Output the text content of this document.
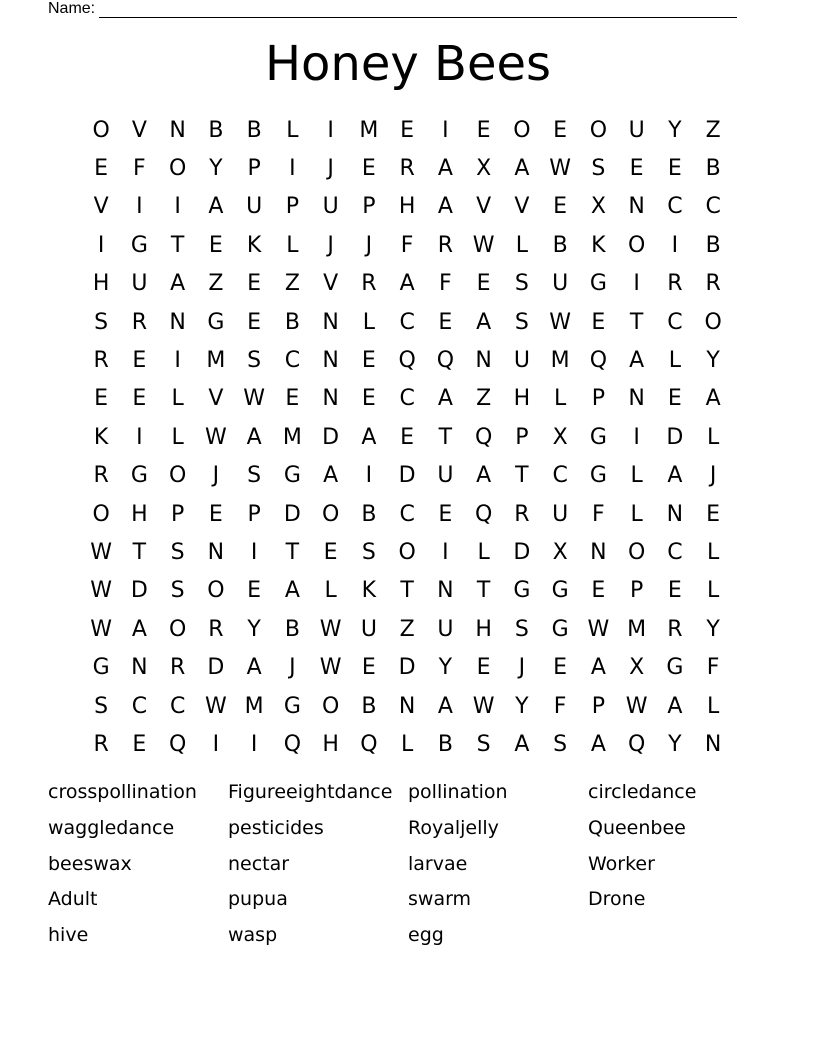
Name:
Honey Bees
O	V	N	B	B	L	I	M E	I	E	O	E	O U	Y	Z
E	F	O	Y	P	I	J	E	R	A	X	A W S	E	E	B
V	I	I	A	U	P	U	P	H	A	V	V	E	X	N	C	C
I	G	T	E	K	L	J	J	F	R W L	B	K	O	I	B
H U	A	Z	E	Z	V	R	A	F	E	S	U G	I	R	R
S	R	N G	E	B	N	L	C	E	A	S W E	T	C O
R	E	I	M S	C	N	E	Q Q N U M Q	A	L	Y
E	E	L	V W E	N	E	C	A	Z	H	L	P	N	E	A
K	I	L W A M D	A	E	T	Q	P	X	G	I	D	L
R	G O	J	S	G	A	I	D U	A	T	C	G	L	A	J
O H	P	E	P	D O	B	C	E	Q R	U	F	L	N	E
W T	S	N	I	T	E	S	O	I	L	D	X	N O C	L
W D	S	O	E	A	L	K	T	N	T	G G	E	P	E	L
W A	O R	Y	B W U	Z	U H	S	G W M R	Y
G N	R	D	A	J	W E	D	Y	E	J	E	A	X	G	F
S	C	C W M G O	B	N	A W Y	F	P W A	L
R	E	Q	I	I	Q H Q	L	B	S	A	S	A	Q	Y	N
crosspollination	Figureeightdance pollination	circledance
waggledance	pesticides	Royaljelly	Queenbee
beeswax	nectar	larvae	Worker
Adult	pupua	swarm	Drone
hive	wasp	egg
